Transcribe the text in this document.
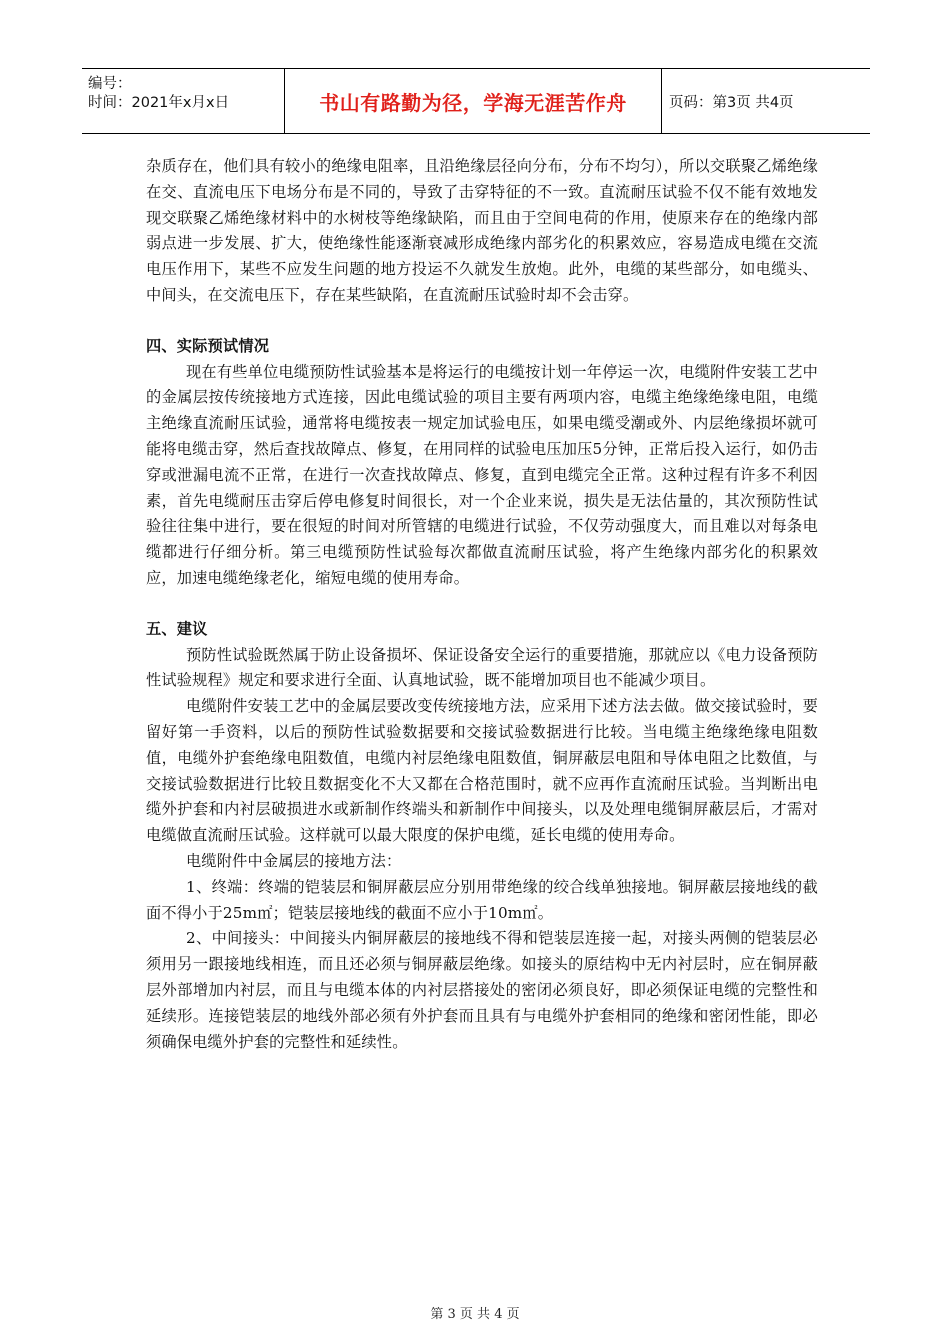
编号：
时间：2021年x月x日	书山有路勤为径，学海无涯苦作舟	页码：第3页 共4页

杂质存在，他们具有较小的绝缘电阻率，且沿绝缘层径向分布，分布不均匀），所以交联聚乙烯绝缘在交、直流电压下电场分布是不同的，导致了击穿特征的不一致。直流耐压试验不仅不能有效地发现交联聚乙烯绝缘材料中的水树枝等绝缘缺陷，而且由于空间电荷的作用，使原来存在的绝缘内部弱点进一步发展、扩大，使绝缘性能逐渐衰减形成绝缘内部劣化的积累效应，容易造成电缆在交流电压作用下，某些不应发生问题的地方投运不久就发生放炮。此外，电缆的某些部分，如电缆头、中间头，在交流电压下，存在某些缺陷，在直流耐压试验时却不会击穿。

四、实际预试情况

现在有些单位电缆预防性试验基本是将运行的电缆按计划一年停运一次，电缆附件安装工艺中的金属层按传统接地方式连接，因此电缆试验的项目主要有两项内容，电缆主绝缘绝缘电阻，电缆主绝缘直流耐压试验，通常将电缆按表一规定加试验电压，如果电缆受潮或外、内层绝缘损坏就可能将电缆击穿，然后查找故障点、修复，在用同样的试验电压加压5分钟，正常后投入运行，如仍击穿或泄漏电流不正常，在进行一次查找故障点、修复，直到电缆完全正常。这种过程有许多不利因素，首先电缆耐压击穿后停电修复时间很长，对一个企业来说，损失是无法估量的，其次预防性试验往往集中进行，要在很短的时间对所管辖的电缆进行试验，不仅劳动强度大，而且难以对每条电缆都进行仔细分析。第三电缆预防性试验每次都做直流耐压试验，将产生绝缘内部劣化的积累效应，加速电缆绝缘老化，缩短电缆的使用寿命。

五、建议

预防性试验既然属于防止设备损坏、保证设备安全运行的重要措施，那就应以《电力设备预防性试验规程》规定和要求进行全面、认真地试验，既不能增加项目也不能减少项目。

电缆附件安装工艺中的金属层要改变传统接地方法，应采用下述方法去做。做交接试验时，要留好第一手资料，以后的预防性试验数据要和交接试验数据进行比较。当电缆主绝缘绝缘电阻数值，电缆外护套绝缘电阻数值，电缆内衬层绝缘电阻数值，铜屏蔽层电阻和导体电阻之比数值，与交接试验数据进行比较且数据变化不大又都在合格范围时，就不应再作直流耐压试验。当判断出电缆外护套和内衬层破损进水或新制作终端头和新制作中间接头，以及处理电缆铜屏蔽层后，才需对电缆做直流耐压试验。这样就可以最大限度的保护电缆，延长电缆的使用寿命。

电缆附件中金属层的接地方法：

1、终端：终端的铠装层和铜屏蔽层应分别用带绝缘的绞合线单独接地。铜屏蔽层接地线的截面不得小于25m㎡；铠装层接地线的截面不应小于10m㎡。

2、中间接头：中间接头内铜屏蔽层的接地线不得和铠装层连接一起，对接头两侧的铠装层必须用另一跟接地线相连，而且还必须与铜屏蔽层绝缘。如接头的原结构中无内衬层时，应在铜屏蔽层外部增加内衬层，而且与电缆本体的内衬层搭接处的密闭必须良好，即必须保证电缆的完整性和延续形。连接铠装层的地线外部必须有外护套而且具有与电缆外护套相同的绝缘和密闭性能，即必须确保电缆外护套的完整性和延续性。

第 3 页 共 4 页
